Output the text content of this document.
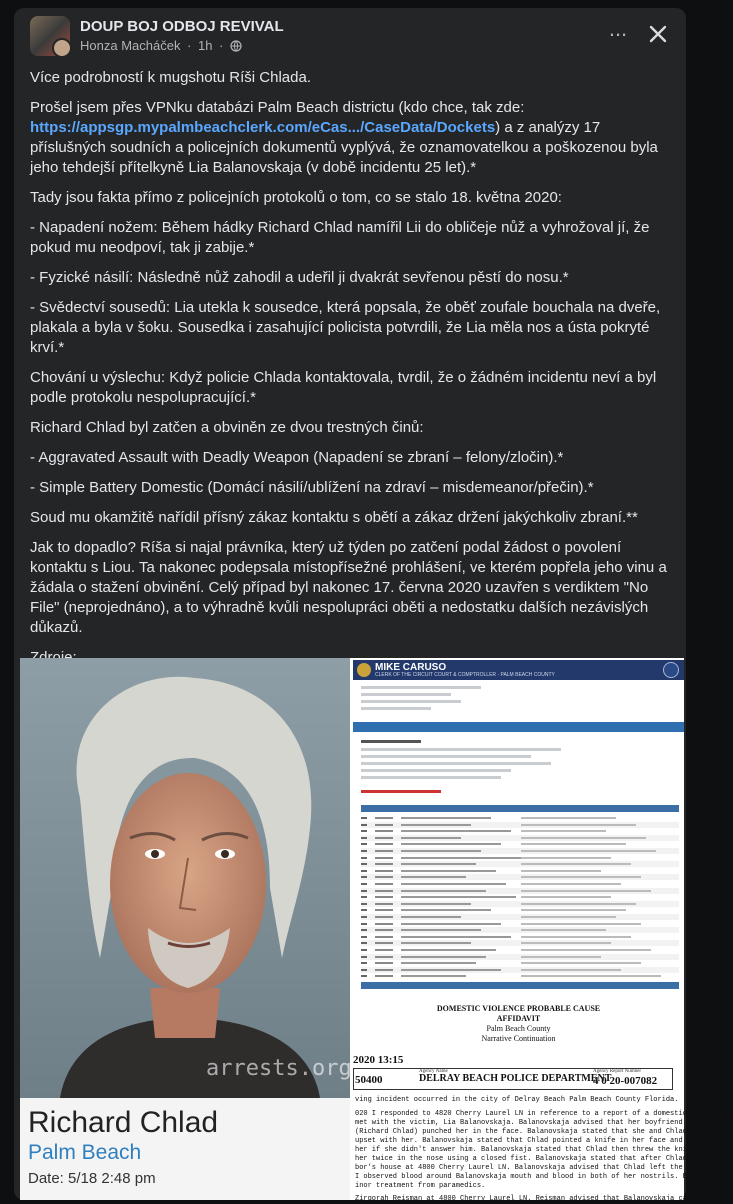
DOUP BOJ ODBOJ REVIVAL
Honza Macháček · 1h ·
...

Více podrobností k mugshotu Ríši Chlada.

Prošel jsem přes VPNku databázi Palm Beach districtu (kdo chce, tak zde: https://appsgp.mypalmbeachclerk.com/eCas.../CaseData/Dockets) a z analýzy 17 příslušných soudních a policejních dokumentů vyplývá, že oznamovatelkou a poškozenou byla jeho tehdejší přítelkyně Lia Balanovskaja (v době incidentu 25 let).*

Tady jsou fakta přímo z policejních protokolů o tom, co se stalo 18. května 2020:

- Napadení nožem: Během hádky Richard Chlad namířil Lii do obličeje nůž a vyhrožoval jí, že pokud mu neodpoví, tak ji zabije.*

- Fyzické násilí: Následně nůž zahodil a udeřil ji dvakrát sevřenou pěstí do nosu.*

- Svědectví sousedů: Lia utekla k sousedce, která popsala, že oběť zoufale bouchala na dveře, plakala a byla v šoku. Sousedka i zasahující policista potvrdili, že Lia měla nos a ústa pokryté krví.*

Chování u výslechu: Když policie Chlada kontaktovala, tvrdil, že o žádném incidentu neví a byl podle protokolu nespolupracující.*

Richard Chlad byl zatčen a obviněn ze dvou trestných činů:

- Aggravated Assault with Deadly Weapon (Napadení se zbraní – felony/zločin).*

- Simple Battery Domestic (Domácí násilí/ublížení na zdraví – misdemeanor/přečin).*

Soud mu okamžitě nařídil přísný zákaz kontaktu s obětí a zákaz držení jakýchkoliv zbraní.**

Jak to dopadlo? Ríša si najal právníka, který už týden po zatčení podal žádost o povolení kontaktu s Liou. Ta nakonec podepsala místopřísežné prohlášení, ve kterém popřela jeho vinu a žádala o stažení obvinění. Celý případ byl nakonec 17. června 2020 uzavřen s verdiktem "No File" (neprojednáno), a to výhradně kvůli nespolupráci oběti a nedostatku dalších nezávislých důkazů.

arrests.org
Richard Chlad
Palm Beach
Date: 5/18 2:48 pm
MIKE CARUSO
CLERK OF THE CIRCUIT COURT & COMPTROLLER · PALM BEACH COUNTY
DOMESTIC VIOLENCE PROBABLE CAUSE
AFFIDAVIT
Palm Beach County
Narrative Continuation
2020 13:15
Agency Name	Agency Report Number
50400	DELRAY BEACH POLICE DEPARTMENT
4 0 20-007082
ving incident occurred in the city of Delray Beach Palm Beach County Florida.
020 I responded to 4820 Cherry Laurel LN in reference to a report of a domestic battery. U
met with the victim, Lia Balanovskaja. Balanovskaja advised that her boyfriend of two y
(Richard Chlad) punched her in the face. Balanovskaja stated that she and Chlad had an a
upset with her. Balanovskaja stated that Chlad pointed a knife in her face and stated to
her if she didn't answer him. Balanovskaja stated that Chlad then threw the knife on th
her twice in the nose using a closed fist. Balanovskaja stated that after Chlad hit he
bor's house at 4800 Cherry Laurel LN. Balanovskaja advised that Chlad left the home after
I observed blood around Balanovskaja mouth and blood in both of her nostrils. Bal
inor treatment from paramedics.
Zirgorah Reisman at 4800 Cherry Laurel LN. Reisman advised that Balanovskaja came to h
